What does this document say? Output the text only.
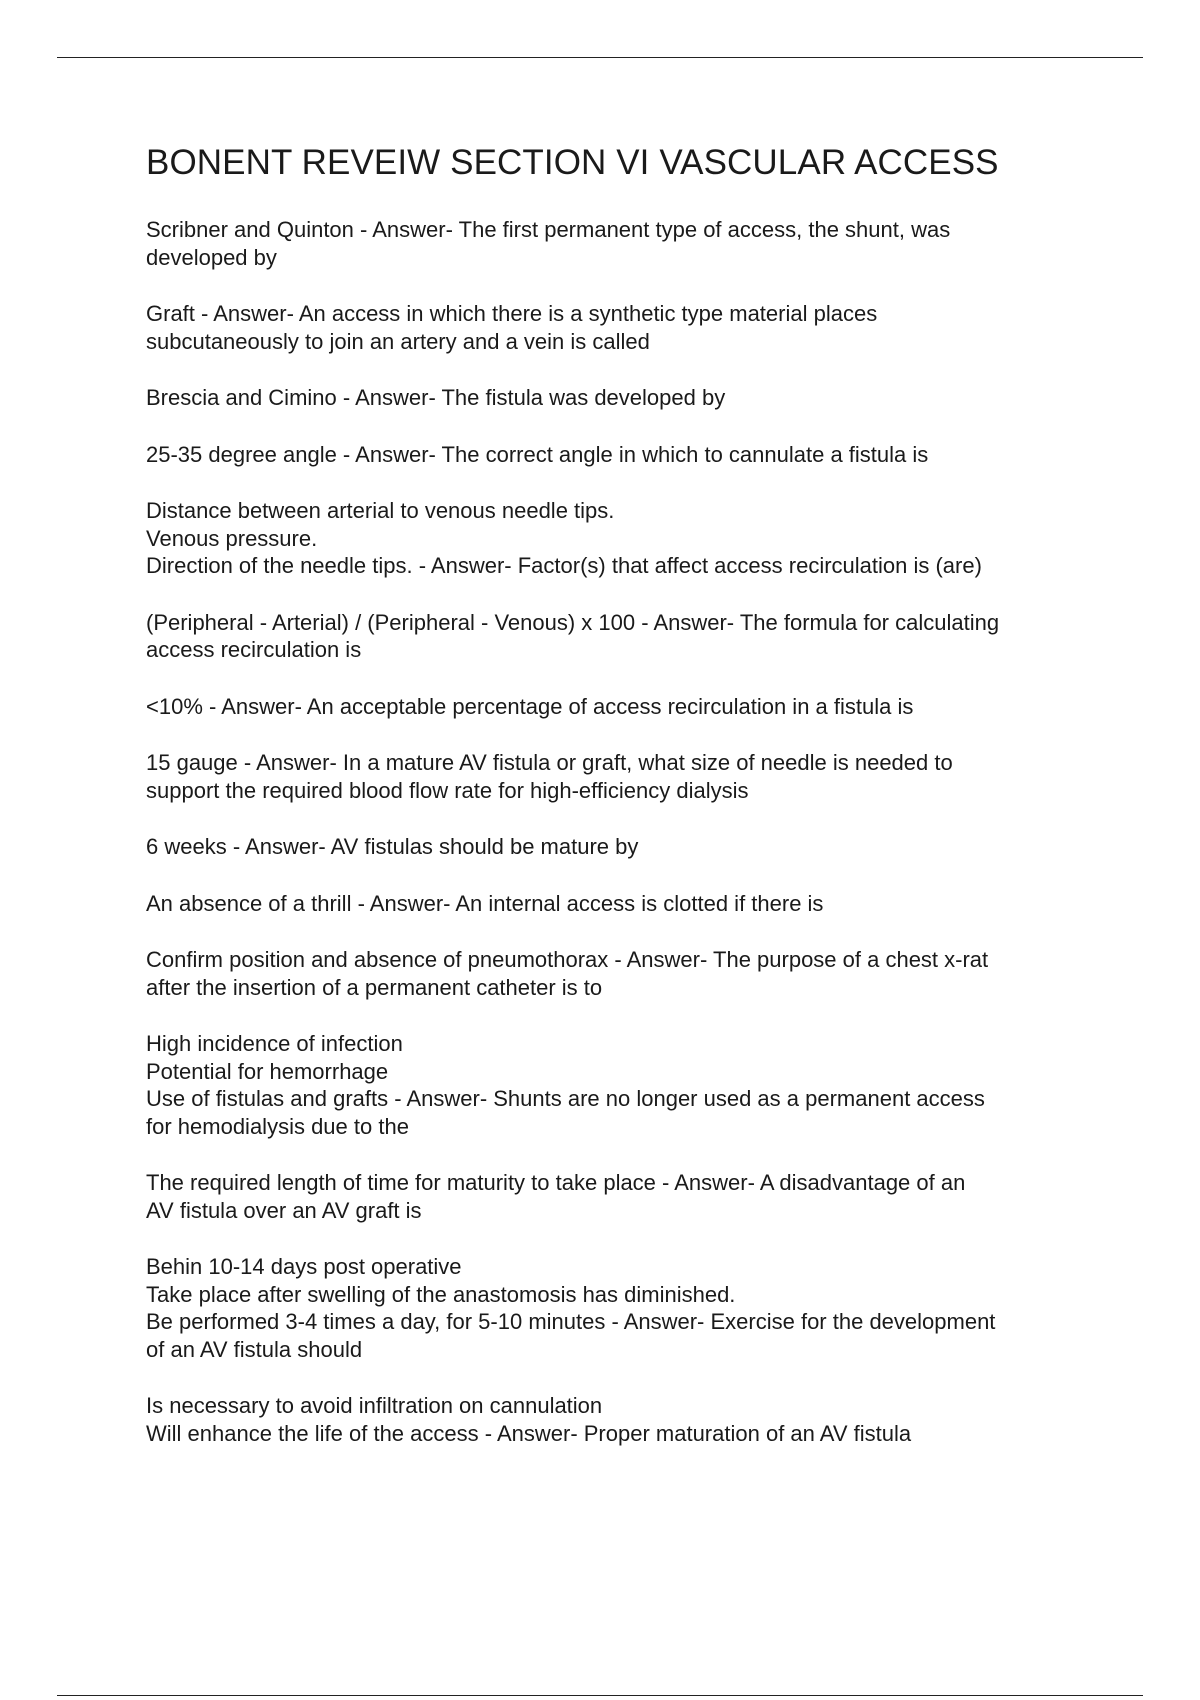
BONENT REVEIW SECTION VI VASCULAR ACCESS
Scribner and Quinton - Answer- The first permanent type of access, the shunt, was
developed by
Graft - Answer- An access in which there is a synthetic type material places
subcutaneously to join an artery and a vein is called
Brescia and Cimino - Answer- The fistula was developed by
25-35 degree angle - Answer- The correct angle in which to cannulate a fistula is
Distance between arterial to venous needle tips.
Venous pressure.
Direction of the needle tips. - Answer- Factor(s) that affect access recirculation is (are)
(Peripheral - Arterial) / (Peripheral - Venous) x 100 - Answer- The formula for calculating
access recirculation is
<10% - Answer- An acceptable percentage of access recirculation in a fistula is
15 gauge - Answer- In a mature AV fistula or graft, what size of needle is needed to
support the required blood flow rate for high-efficiency dialysis
6 weeks - Answer- AV fistulas should be mature by
An absence of a thrill - Answer- An internal access is clotted if there is
Confirm position and absence of pneumothorax - Answer- The purpose of a chest x-rat
after the insertion of a permanent catheter is to
High incidence of infection
Potential for hemorrhage
Use of fistulas and grafts - Answer- Shunts are no longer used as a permanent access
for hemodialysis due to the
The required length of time for maturity to take place - Answer- A disadvantage of an
AV fistula over an AV graft is
Behin 10-14 days post operative
Take place after swelling of the anastomosis has diminished.
Be performed 3-4 times a day, for 5-10 minutes - Answer- Exercise for the development
of an AV fistula should
Is necessary to avoid infiltration on cannulation
Will enhance the life of the access - Answer- Proper maturation of an AV fistula
